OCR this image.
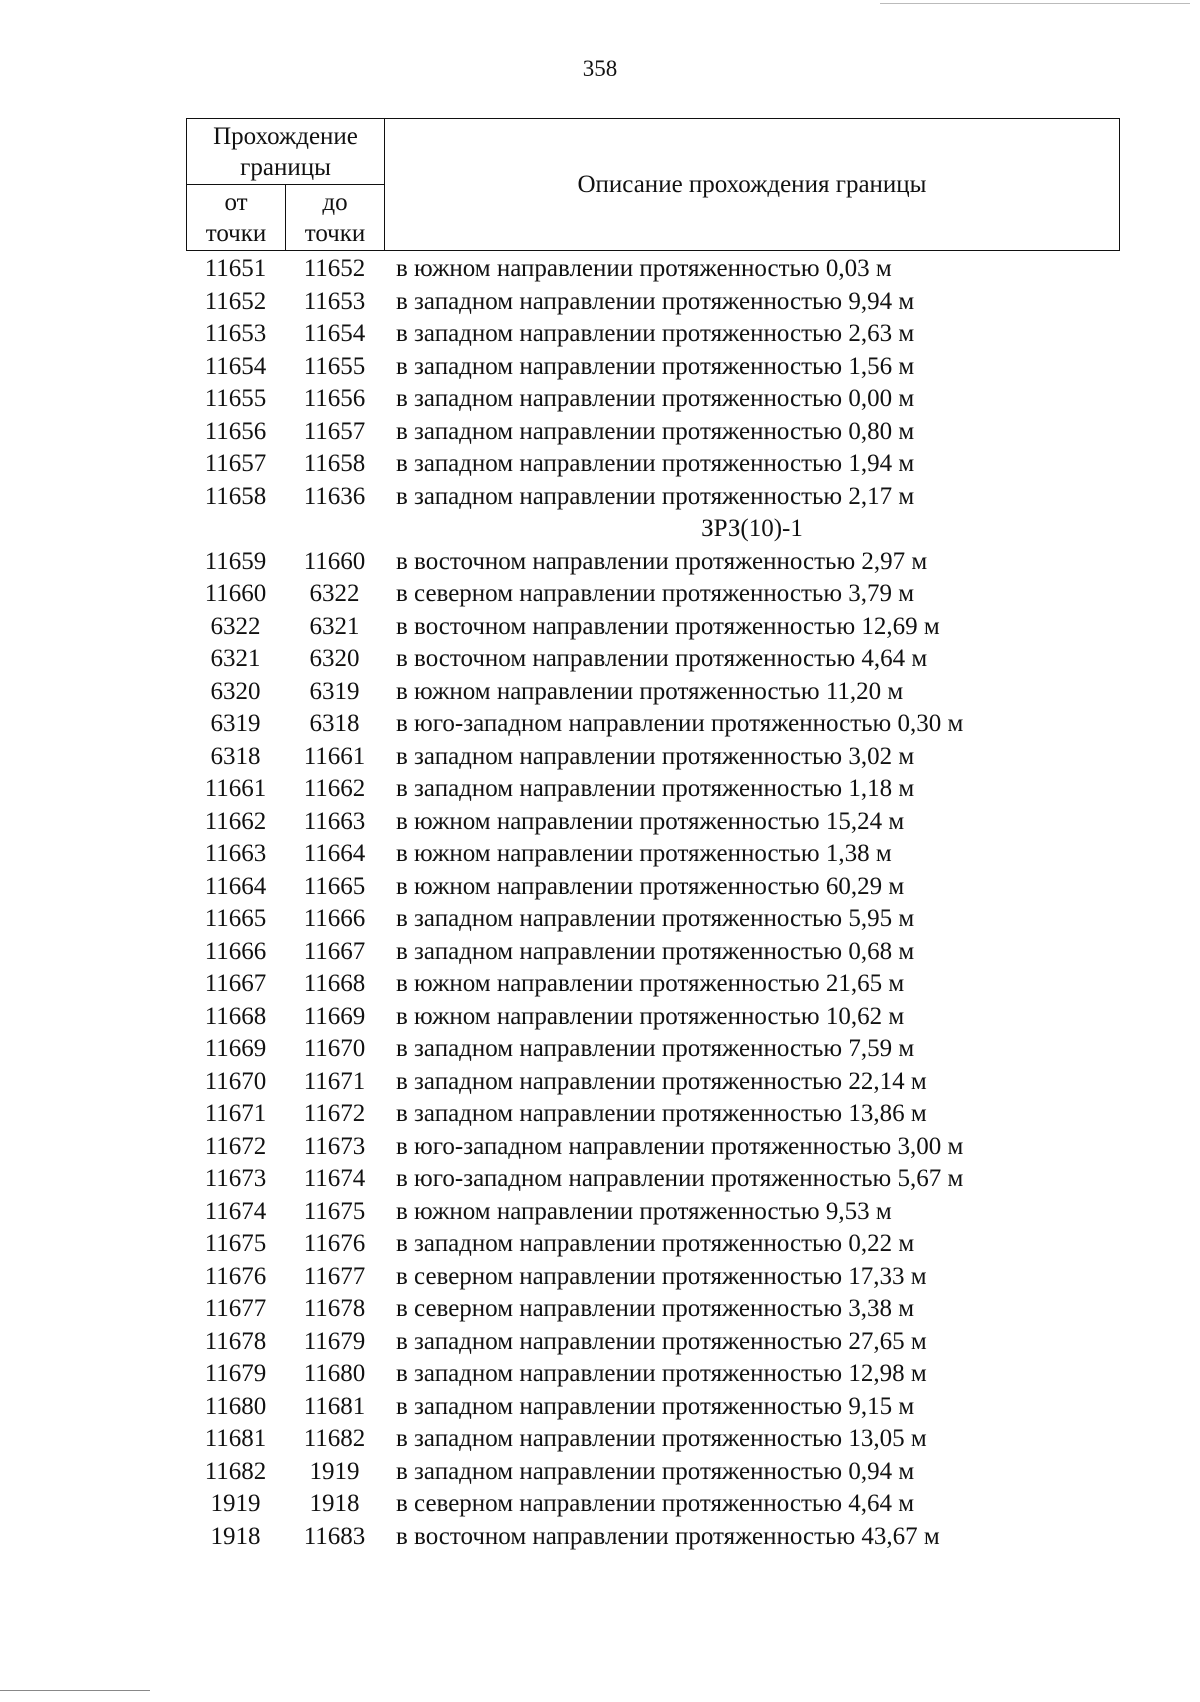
358
Прохождение границы		Описание прохождения границы
от точки	до точки	
11651	11652	в южном направлении протяженностью 0,03 м
11652	11653	в западном направлении протяженностью 9,94 м
11653	11654	в западном направлении протяженностью 2,63 м
11654	11655	в западном направлении протяженностью 1,56 м
11655	11656	в западном направлении протяженностью 0,00 м
11656	11657	в западном направлении протяженностью 0,80 м
11657	11658	в западном направлении протяженностью 1,94 м
11658	11636	в западном направлении протяженностью 2,17 м
ЗРЗ(10)-1
11659	11660	в восточном направлении протяженностью 2,97 м
11660	6322	в северном направлении протяженностью 3,79 м
6322	6321	в восточном направлении протяженностью 12,69 м
6321	6320	в восточном направлении протяженностью 4,64 м
6320	6319	в южном направлении протяженностью 11,20 м
6319	6318	в юго-западном направлении протяженностью 0,30 м
6318	11661	в западном направлении протяженностью 3,02 м
11661	11662	в западном направлении протяженностью 1,18 м
11662	11663	в южном направлении протяженностью 15,24 м
11663	11664	в южном направлении протяженностью 1,38 м
11664	11665	в южном направлении протяженностью 60,29 м
11665	11666	в западном направлении протяженностью 5,95 м
11666	11667	в западном направлении протяженностью 0,68 м
11667	11668	в южном направлении протяженностью 21,65 м
11668	11669	в южном направлении протяженностью 10,62 м
11669	11670	в западном направлении протяженностью 7,59 м
11670	11671	в западном направлении протяженностью 22,14 м
11671	11672	в западном направлении протяженностью 13,86 м
11672	11673	в юго-западном направлении протяженностью 3,00 м
11673	11674	в юго-западном направлении протяженностью 5,67 м
11674	11675	в южном направлении протяженностью 9,53 м
11675	11676	в западном направлении протяженностью 0,22 м
11676	11677	в северном направлении протяженностью 17,33 м
11677	11678	в северном направлении протяженностью 3,38 м
11678	11679	в западном направлении протяженностью 27,65 м
11679	11680	в западном направлении протяженностью 12,98 м
11680	11681	в западном направлении протяженностью 9,15 м
11681	11682	в западном направлении протяженностью 13,05 м
11682	1919	в западном направлении протяженностью 0,94 м
1919	1918	в северном направлении протяженностью 4,64 м
1918	11683	в восточном направлении протяженностью 43,67 м
